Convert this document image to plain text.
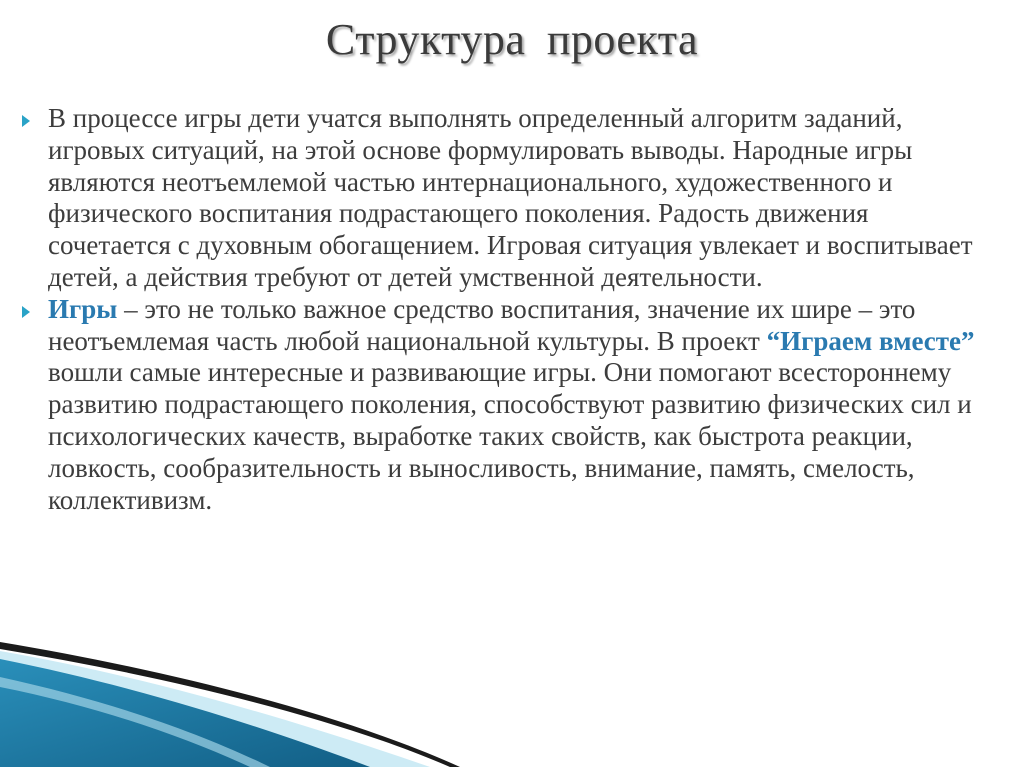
Структура проекта

В процессе игры дети учатся выполнять определенный алгоритм заданий, игровых ситуаций, на этой основе формулировать выводы. Народные игры являются неотъемлемой частью интернационального, художественного и физического воспитания подрастающего поколения. Радость движения сочетается с духовным обогащением. Игровая ситуация увлекает и воспитывает детей, а действия требуют от детей умственной деятельности.

Игры – это не только важное средство воспитания, значение их шире – это неотъемлемая часть любой национальной культуры. В проект “Играем вместе” вошли самые интересные и развивающие игры. Они помогают всестороннему развитию подрастающего поколения, способствуют развитию физических сил и психологических качеств, выработке таких свойств, как быстрота реакции, ловкость, сообразительность и выносливость, внимание, память, смелость, коллективизм.
